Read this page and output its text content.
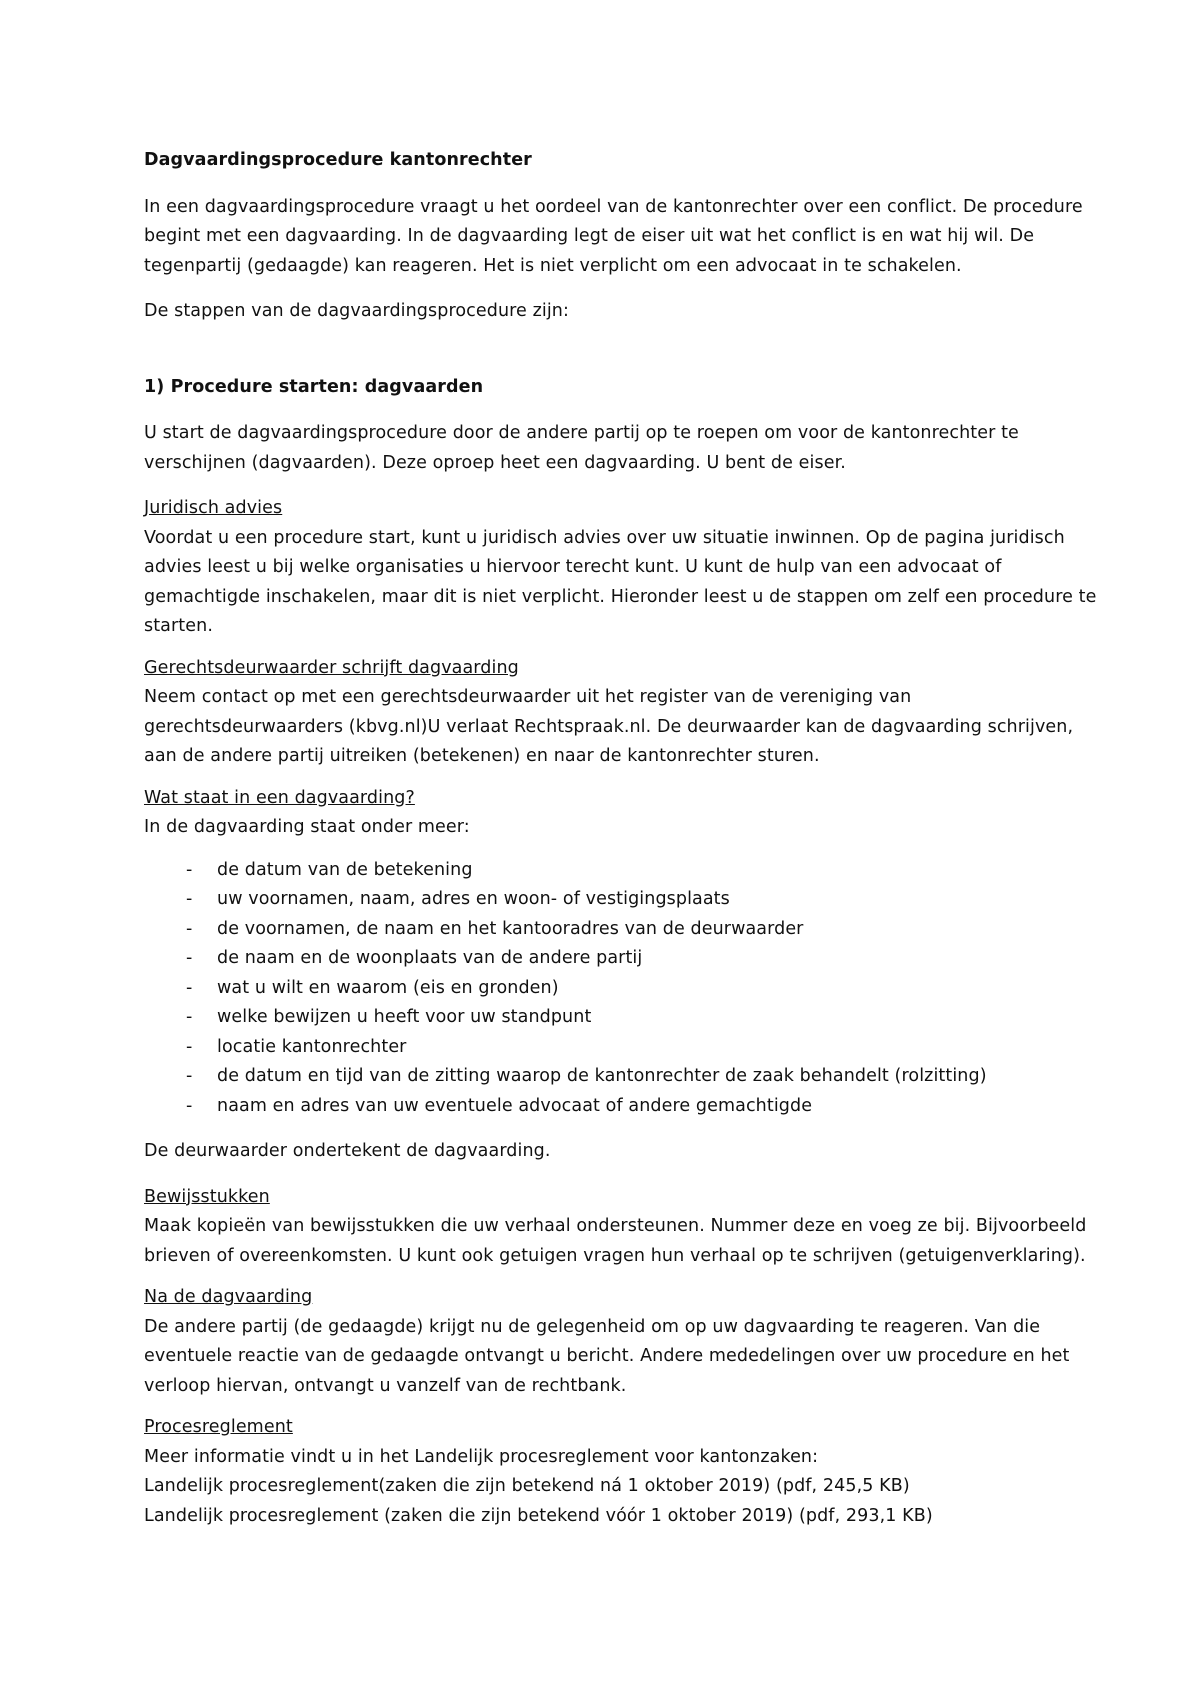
Dagvaardingsprocedure kantonrechter

In een dagvaardingsprocedure vraagt u het oordeel van de kantonrechter over een conflict. De procedure begint met een dagvaarding. In de dagvaarding legt de eiser uit wat het conflict is en wat hij wil. De tegenpartij (gedaagde) kan reageren. Het is niet verplicht om een advocaat in te schakelen.

De stappen van de dagvaardingsprocedure zijn:

1) Procedure starten: dagvaarden

U start de dagvaardingsprocedure door de andere partij op te roepen om voor de kantonrechter te verschijnen (dagvaarden). Deze oproep heet een dagvaarding. U bent de eiser.

Juridisch advies
Voordat u een procedure start, kunt u juridisch advies over uw situatie inwinnen. Op de pagina juridisch advies leest u bij welke organisaties u hiervoor terecht kunt. U kunt de hulp van een advocaat of gemachtigde inschakelen, maar dit is niet verplicht. Hieronder leest u de stappen om zelf een procedure te starten.
Gerechtsdeurwaarder schrijft dagvaarding
Neem contact op met een gerechtsdeurwaarder uit het register van de vereniging van gerechtsdeurwaarders (kbvg.nl)U verlaat Rechtspraak.nl. De deurwaarder kan de dagvaarding schrijven, aan de andere partij uitreiken (betekenen) en naar de kantonrechter sturen.
Wat staat in een dagvaarding?
In de dagvaarding staat onder meer:
- de datum van de betekening
- uw voornamen, naam, adres en woon- of vestigingsplaats
- de voornamen, de naam en het kantooradres van de deurwaarder
- de naam en de woonplaats van de andere partij
- wat u wilt en waarom (eis en gronden)
- welke bewijzen u heeft voor uw standpunt
- locatie kantonrechter
- de datum en tijd van de zitting waarop de kantonrechter de zaak behandelt (rolzitting)
- naam en adres van uw eventuele advocaat of andere gemachtigde

De deurwaarder ondertekent de dagvaarding.

Bewijsstukken
Maak kopieën van bewijsstukken die uw verhaal ondersteunen. Nummer deze en voeg ze bij. Bijvoorbeeld brieven of overeenkomsten. U kunt ook getuigen vragen hun verhaal op te schrijven (getuigenverklaring).
Na de dagvaarding
De andere partij (de gedaagde) krijgt nu de gelegenheid om op uw dagvaarding te reageren. Van die eventuele reactie van de gedaagde ontvangt u bericht. Andere mededelingen over uw procedure en het verloop hiervan, ontvangt u vanzelf van de rechtbank.
Procesreglement
Meer informatie vindt u in het Landelijk procesreglement voor kantonzaken:
Landelijk procesreglement(zaken die zijn betekend ná 1 oktober 2019) (pdf, 245,5 KB)
Landelijk procesreglement (zaken die zijn betekend vóór 1 oktober 2019) (pdf, 293,1 KB)
